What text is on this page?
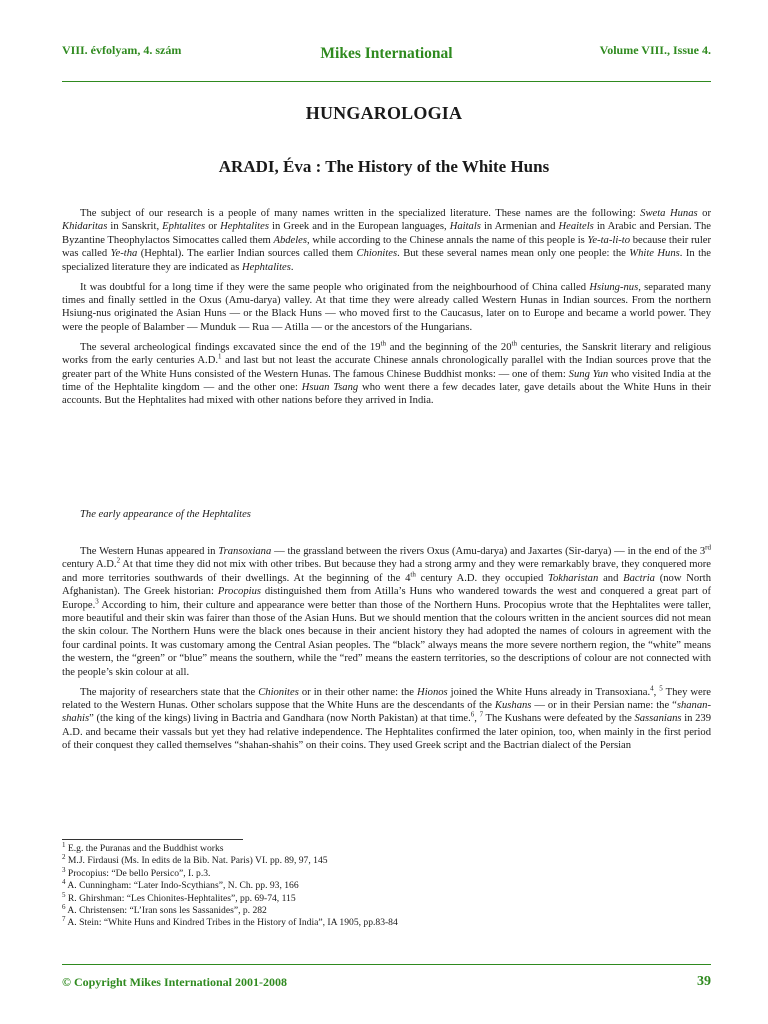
VIII. évfolyam, 4. szám	Mikes International	Volume VIII., Issue 4.
HUNGAROLOGIA
ARADI, Éva : The History of the White Huns

The subject of our research is a people of many names written in the specialized literature. These names are the following: Sweta Hunas or Khidaritas in Sanskrit, Ephtalites or Hephtalites in Greek and in the European languages, Haitals in Armenian and Heaitels in Arabic and Persian. The Byzantine Theophylactos Simocattes called them Abdeles, while according to the Chinese annals the name of this people is Ye-ta-li-to because their ruler was called Ye-tha (Hephtal). The earlier Indian sources called them Chionites. But these several names mean only one people: the White Huns. In the specialized literature they are indicated as Hephtalites.

It was doubtful for a long time if they were the same people who originated from the neighbourhood of China called Hsiung-nus, separated many times and finally settled in the Oxus (Amu-darya) valley. At that time they were already called Western Hunas in Indian sources. From the northern Hsiung-nus originated the Asian Huns — or the Black Huns — who moved first to the Caucasus, later on to Europe and became a world power. They were the people of Balamber — Munduk — Rua — Atilla — or the ancestors of the Hungarians.

The several archeological findings excavated since the end of the 19th and the beginning of the 20th centuries, the Sanskrit literary and religious works from the early centuries A.D.$^1$ and last but not least the accurate Chinese annals chronologically parallel with the Indian sources prove that the greater part of the White Huns consisted of the Western Hunas. The famous Chinese Buddhist monks: — one of them: Sung Yun who visited India at the time of the Hephtalite kingdom — and the other one: Hsuan Tsang who went there a few decades later, gave details about the White Huns in their accounts. But the Hephtalites had mixed with other nations before they arrived in India.

The early appearance of the Hephtalites

The Western Hunas appeared in Transoxiana — the grassland between the rivers Oxus (Amu-darya) and Jaxartes (Sir-darya) — in the end of the 3rd century A.D.$^2$ At that time they did not mix with other tribes. But because they had a strong army and they were remarkably brave, they conquered more and more territories southwards of their dwellings. At the beginning of the 4th century A.D. they occupied Tokharistan and Bactria (now North Afghanistan). The Greek historian: Procopius distinguished them from Atilla’s Huns who wandered towards the west and conquered a great part of Europe.$^3$ According to him, their culture and appearance were better than those of the Northern Huns. Procopius wrote that the Hephtalites were taller, more beautiful and their skin was fairer than those of the Asian Huns. But we should mention that the colours written in the ancient sources did not mean the skin colour. The Northern Huns were the black ones because in their ancient history they had adopted the names of colours in agreement with the four cardinal points. It was customary among the Central Asian peoples. The “black” always means the more severe northern region, the “white” means the western, the “green” or “blue” means the southern, while the “red” means the eastern territories, so the descriptions of colour are not connected with the people’s skin colour at all.

The majority of researchers state that the Chionites or in their other name: the Hionos joined the White Huns already in Transoxiana.$^4$, $^5$ They were related to the Western Hunas. Other scholars suppose that the White Huns are the descendants of the Kushans — or in their Persian name: the “shanan-shahis” (the king of the kings) living in Bactria and Gandhara (now North Pakistan) at that time.$^6$, $^7$ The Kushans were defeated by the Sassanians in 239 A.D. and became their vassals but yet they had relative independence. The Hephtalites confirmed the later opinion, too, when mainly in the first period of their conquest they called themselves “shahan-shahis” on their coins. They used Greek script and the Bactrian dialect of the Persian

$^1$ E.g. the Puranas and the Buddhist works
$^2$ M.J. Firdausi (Ms. In edits de la Bib. Nat. Paris) VI. pp. 89, 97, 145
$^3$ Procopius: “De bello Persico”, I. p.3.
$^4$ A. Cunningham: “Later Indo-Scythians”, N. Ch. pp. 93, 166
$^5$ R. Ghirshman: “Les Chionites-Hephtalites”, pp. 69-74, 115
$^6$ A. Christensen: “L’Iran sons les Sassanides”, p. 282
$^7$ A. Stein: “White Huns and Kindred Tribes in the History of India”, IA 1905, pp.83-84
© Copyright Mikes International 2001-2008	39
